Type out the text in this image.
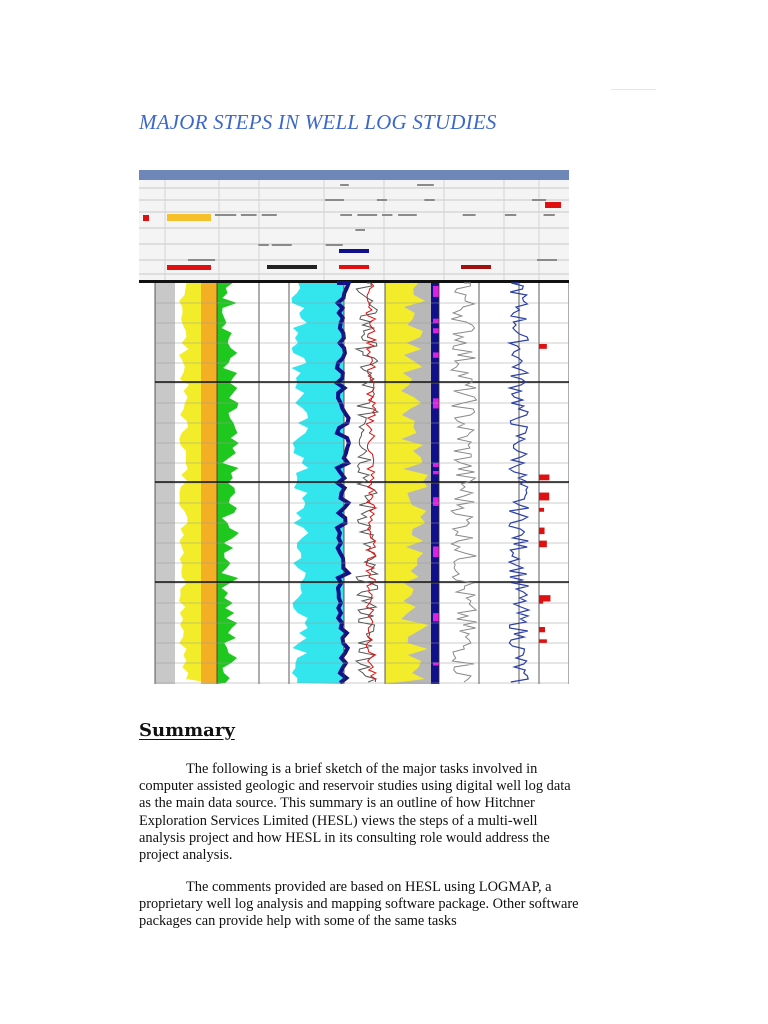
MAJOR STEPS IN WELL LOG STUDIES
Summary

The following is a brief sketch of the major tasks involved in computer assisted geologic and reservoir studies using digital well log data as the main data source. This summary is an outline of how Hitchner Exploration Services Limited (HESL) views the steps of a multi-well analysis project and how HESL in its consulting role would address the project analysis.

The comments provided are based on HESL using LOGMAP, a proprietary well log analysis and mapping software package. Other software packages can provide help with some of the same tasks
